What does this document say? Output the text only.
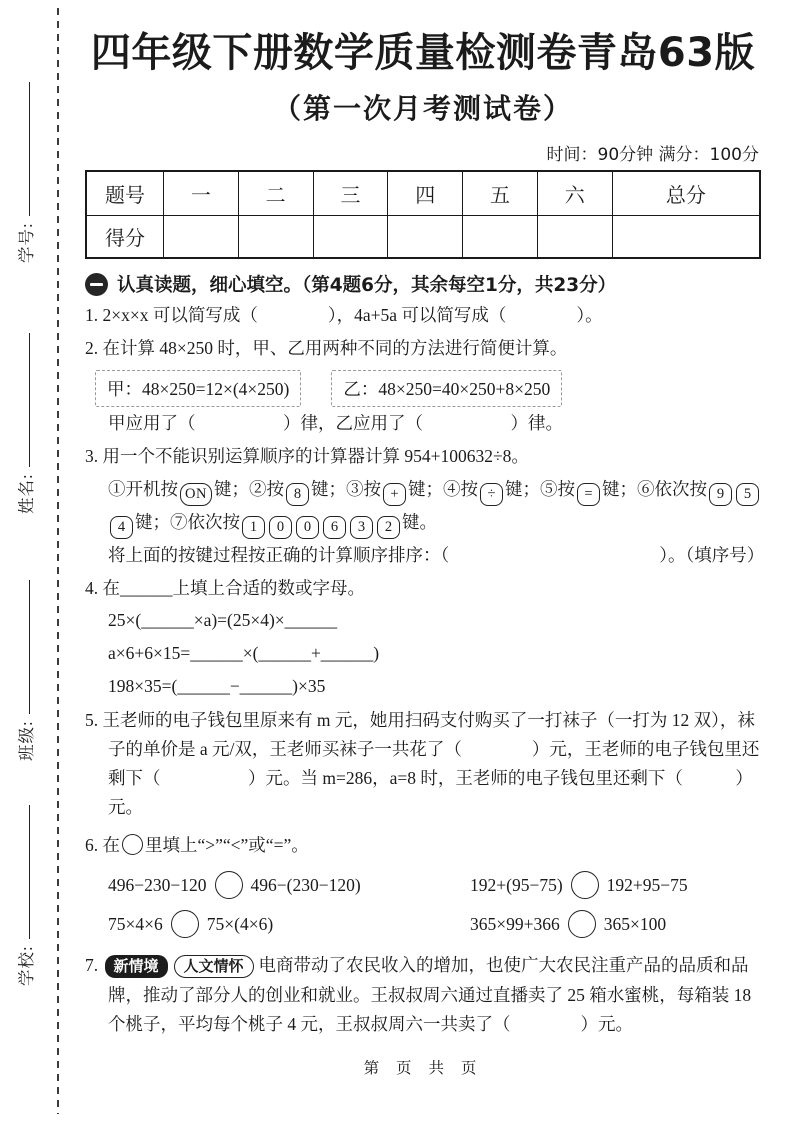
学号:
姓名:
班级:
学校:
四年级下册数学质量检测卷青岛63版
（第一次月考测试卷）
时间：90分钟 满分：100分
题号	一	二	三	四	五	六	总分
得分							
认真读题，细心填空。（第4题6分，其余每空1分，共23分）

1. 2×x×x 可以简写成（        ），4a+5a 可以简写成（        ）。

2. 在计算 48×250 时，甲、乙用两种不同的方法进行简便计算。

甲：48×250=12×(4×250)	乙：48×250=40×250+8×250

甲应用了（          ）律，乙应用了（          ）律。

3. 用一个不能识别运算顺序的计算器计算 954+100632÷8。

①开机按 ON 键；②按 8 键；③按 + 键；④按 ÷ 键；⑤按 = 键；⑥依次按 9 54 键；⑦依次按 1 0 0 6 3 2 键。

将上面的按键过程按正确的计算顺序排序：（                        ）。（填序号）

4. 在______上填上合适的数或字母。

25×(______×a)=(25×4)×______

a×6+6×15=______×(______+______)

198×35=(______−______)×35

5. 王老师的电子钱包里原来有 m 元，她用扫码支付购买了一打袜子（一打为 12 双），袜子的单价是 a 元/双，王老师买袜子一共花了（        ）元，王老师的电子钱包里还剩下（          ）元。当 m=286，a=8 时，王老师的电子钱包里还剩下（      ）元。

6. 在 里填上“>”“<”或“=”。

496−230−120	496−(230−120)	192+(95−75)	192+95−75
75×4×6	75×(4×6)	365×99+366	365×100

7. 新情境 人文情怀 电商带动了农民收入的增加，也使广大农民注重产品的品质和品牌，推动了部分人的创业和就业。王叔叔周六通过直播卖了 25 箱水蜜桃，每箱装 18 个桃子，平均每个桃子 4 元，王叔叔周六一共卖了（        ）元。

第 页 共 页
